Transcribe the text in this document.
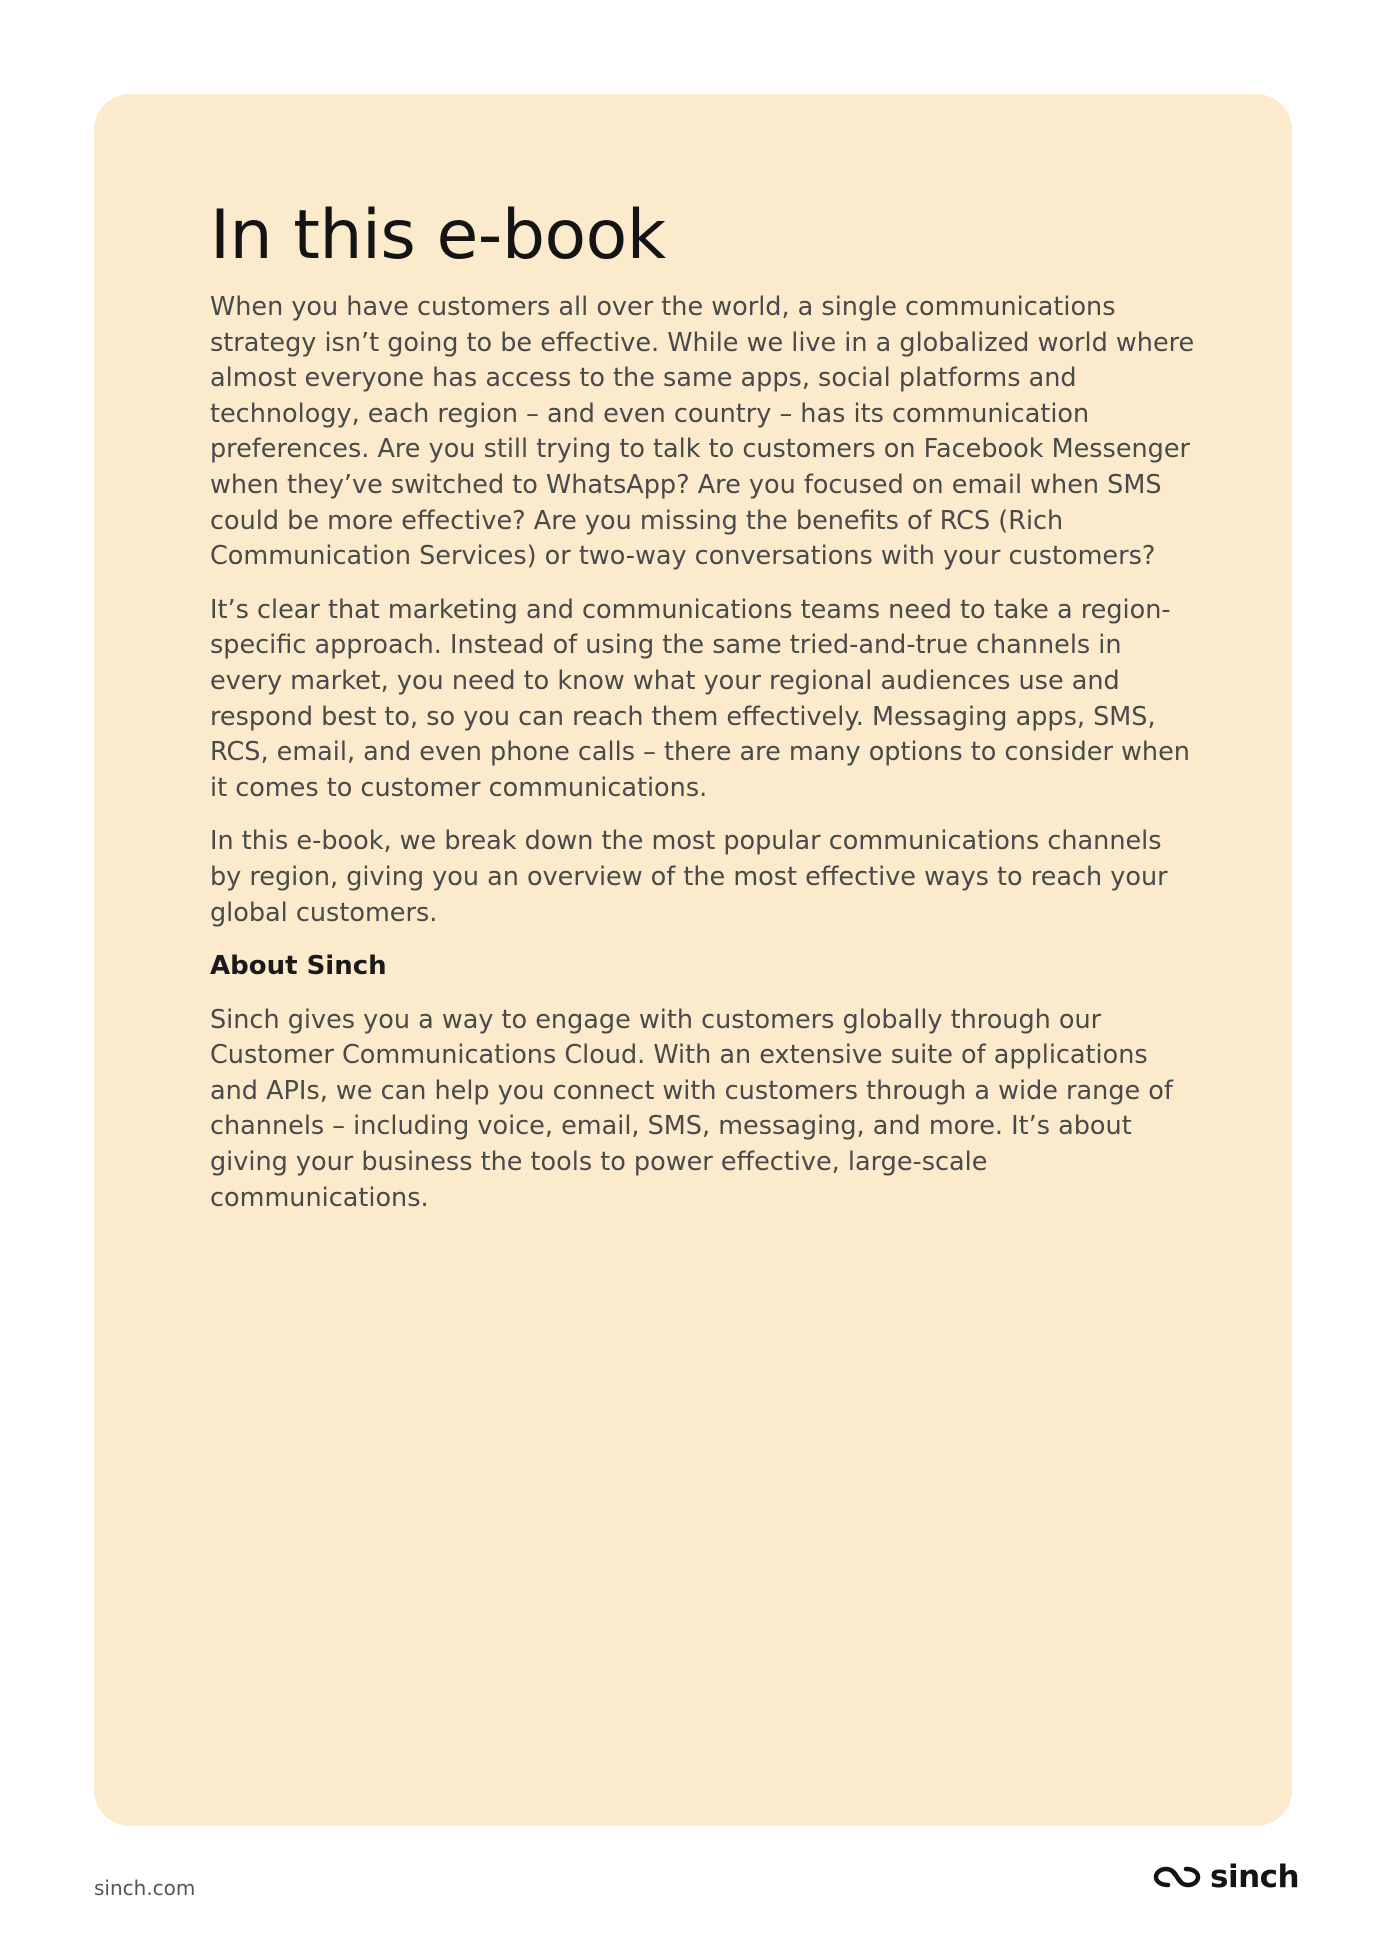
In this e-book

When you have customers all over the world, a single communications strategy isn’t going to be effective. While we live in a globalized world where almost everyone has access to the same apps, social platforms and technology, each region – and even country – has its communication preferences. Are you still trying to talk to customers on Facebook Messenger when they’ve switched to WhatsApp? Are you focused on email when SMS could be more effective? Are you missing the benefits of RCS (Rich Communication Services) or two-way conversations with your customers?

It’s clear that marketing and communications teams need to take a region-specific approach. Instead of using the same tried-and-true channels in every market, you need to know what your regional audiences use and respond best to, so you can reach them effectively. Messaging apps, SMS, RCS, email, and even phone calls – there are many options to consider when it comes to customer communications.

In this e-book, we break down the most popular communications channels by region, giving you an overview of the most effective ways to reach your global customers.

About Sinch

Sinch gives you a way to engage with customers globally through our Customer Communications Cloud. With an extensive suite of applications and APIs, we can help you connect with customers through a wide range of channels – including voice, email, SMS, messaging, and more. It’s about giving your business the tools to power effective, large-scale communications.

sinch.com	sinch
